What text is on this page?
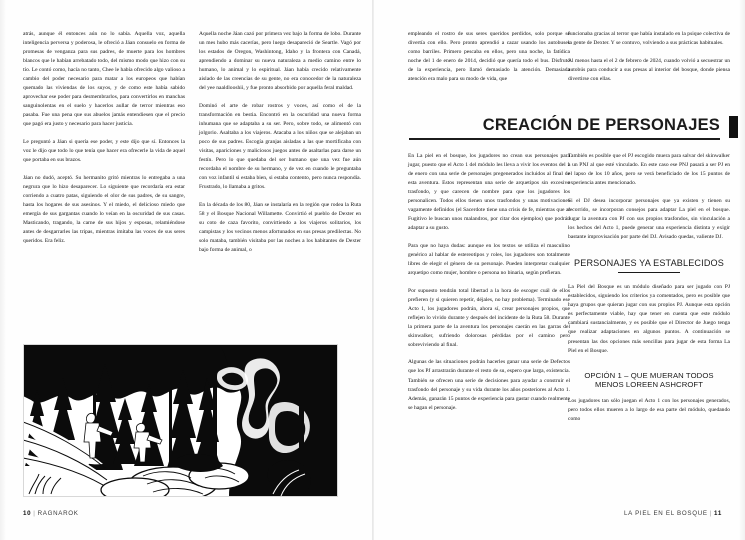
atrás, aunque él entonces aún no lo sabía. Aquella voz, aquella inteligencia perversa y poderosa, le ofreció a Jáan consuelo en forma de promesas de venganza para sus padres, de muerte para los hombres blancos que le habían arrebatado todo, del mismo modo que hizo con su tío. Le contó como, hacía no tanto, Chee le había ofrecido algo valioso a cambio del poder necesario para matar a los europeos que habían quemado las viviendas de los suyos, y de como este había sabido aprovechar ese poder para desmembrarlos, para convertirlos en manchas sanguinolentas en el suelo y hacerlos aullar de terror mientras eso pasaba. Fue una pena que sus abuelos jamás entendiesen que el precio que pagó era justo y necesario para hacer justicia.

Le preguntó a Jáan si quería ese poder, y este dijo que sí. Entonces la voz le dijo que todo lo que tenía que hacer era ofrecerle la vida de aquel que portaba en sus brazos.

Jáan no dudó, aceptó. Su hermanito gritó mientras lo entregaba a una negrura que lo hizo desaparecer. Lo siguiente que recordaría era estar corriendo a cuatro patas, siguiendo el olor de sus padres, de su sangre, hasta los hogares de sus asesinos. Y el miedo, el delicioso miedo que emergía de sus gargantas cuando lo veían en la oscuridad de sus casas. Masticando, tragando, la carne de sus hijos y esposas, relamiéndose antes de desgarrarles las tripas, mientras imitaba las voces de sus seres queridos. Era feliz.

Aquella noche Jáan cazó por primera vez bajo la forma de lobo. Durante un mes hubo más cacerías, pero luego desapareció de Seartle. Vagó por los estados de Oregon, Washintong, Idaho y la frontera con Canadá, aprendiendo a dominar su nueva naturaleza a medio camino entre lo humano, lo animal y lo espiritual. Jáan había crecido relativamente aislado de las creencias de su gente, no era conocedor de la naturaleza del yee naaldlooshii, y fue pronto absorbido por aquella feral maldad.

Dominó el arte de robar rostros y voces, así como el de la transformación en bestia. Encontró en la oscuridad una nueva forma inhumana que se adaptaba a su ser. Pero, sobre todo, se alimentó con jolgorio. Asaltaba a los viajeros. Atacaba a los niños que se alejaban un poco de sus padres. Escogía granjas aisladas a las que mortificaba con visitas, apariciones y maliciosos juegos antes de asaltarlas para darse un festín. Pero lo que quedaba del ser humano que una vez fue aún recordaba el nombre de su hermano, y de vez en cuando le preguntaba con voz infantil si estaba bien, si estaba contento, pero nunca respondía. Frustrado, lo llamaba a gritos.

En la década de los 80, Jáan se instalaría en la región que rodea la Ruta 58 y el Bosque Nacional Willamette. Convirtió el pueblo de Dexter en su coto de caza favorito, convirtiendo a los viajeros solitarios, los campistas y los vecinos menos afortunados en sus presas predilectas. No solo mataba, también visitaba por las noches a los habitantes de Dexter bajo forma de animal, o

empleando el rostro de sus seres queridos perdidos, solo porque se divertía con ello. Pero pronto aprendió a cazar usando los autobuses como barriles. Primero pescaba en ellos, pero una noche, la fatídica noche del 1 de enero de 2014, decidió que quería todo el bus. Disfrutó de la experiencia, pero llamó demasiado la atención. Demasiada atención era malo para su modo de vida, que

funcionaba gracias al terror que había instalado en la psique colectiva de la gente de Dexter. Y se contuvo, volviendo a sus prácticas habituales.

Al menos hasta el el 2 de febrero de 2024, cuando volvió a secuestrar un autobús para conducir a sus presas al interior del bosque, donde piensa divertirse con ellas.

CREACIÓN DE PERSONAJES

En La piel en el bosque, los jugadores no crean sus personajes para jugar, puesto que el Acto 1 del módulo les lleva a vivir los eventos del 1 de enero con una serie de personajes pregenerados incluidos al final de esta aventura. Estos representan una serie de arquetipos sin excesivo trasfondo, y que carecen de nombre para que los jugadores los personalicen. Todos ellos tienen unos trasfondos y unas motivaciones vagamente definidos (el Sacerdote tiene una crisis de fe, mientras que al Fugitivo le buscan unos malandros, por citar dos ejemplos) que podrán adaptar a su gusto.

Para que no haya dudas: aunque en los textos se utiliza el masculino genérico al hablar de estereotipos y roles, los jugadores son totalmente libres de elegir el género de su personaje. Pueden interpretar cualquier arquetipo como mujer, hombre o persona no binaria, según prefieran.

Por supuesto tendrán total libertad a la hora de escoger cuál de ellos prefieren (y si quieren repetir, déjales, no hay problema). Terminado ese Acto 1, los jugadores podrán, ahora sí, crear personajes propios, que reflejen lo vivido durante y después del incidente de la Ruta 58. Durante la primera parte de la aventura los personajes caerán en las garras del skinwalker, sufriendo dolorosas pérdidas por el camino pero sobreviviendo al final.

Algunas de las situaciones podrán hacerles ganar una serie de Defectos que los PJ arrastrarán durante el resto de su, espero que larga, existencia. También se ofrecen una serie de decisiones para ayudar a construir el trasfondo del personaje y su vida durante los años posteriores al Acto 1. Además, ganarán 15 puntos de experiencia para gastar cuando realmente se hagan el personaje.

También es posible que el PJ escogido muera para salvar del skinwalker a un PNJ al que esté vinculado. En este caso ese PNJ pasará a ser PJ en el lapso de los 10 años, pero se verá beneficiado de los 15 puntos de experiencia antes mencionado.

Si el DJ desea incorporar personajes que ya existen y tienen su recorrido, se incorporan consejos para adaptar La piel en el bosque. Jugar la aventura con PJ con sus propios trasfondos, sin vinculación a los hechos del Acto 1, puede generar una experiencia distinta y exigir bastante improvisación por parte del DJ. Avisado quedas, valiente DJ.

PERSONAJES YA ESTABLECIDOS

La Piel del Bosque es un módulo diseñado para ser jugado con PJ establecidos, siguiendo los criterios ya comentados, pero es posible que haya grupos que quieran jugar con sus propios PJ. Aunque esta opción es perfectamente viable, hay que tener en cuenta que este módulo cambiará sustancialmente, y es posible que el Director de Juego tenga que realizar adaptaciones en algunos puntos. A continuación se presentan las dos opciones más sencillas para jugar de esta forma La Piel en el Bosque.

OPCIÓN 1 – QUE MUERAN TODOS
MENOS LOREEN ASHCROFT

Los jugadores tan sólo juegan el Acto 1 con los personajes generados, pero todos ellos mueren a lo largo de esa parte del módulo, quedando como

10 | RAGNAROK	LA PIEL EN EL BOSQUE | 11
